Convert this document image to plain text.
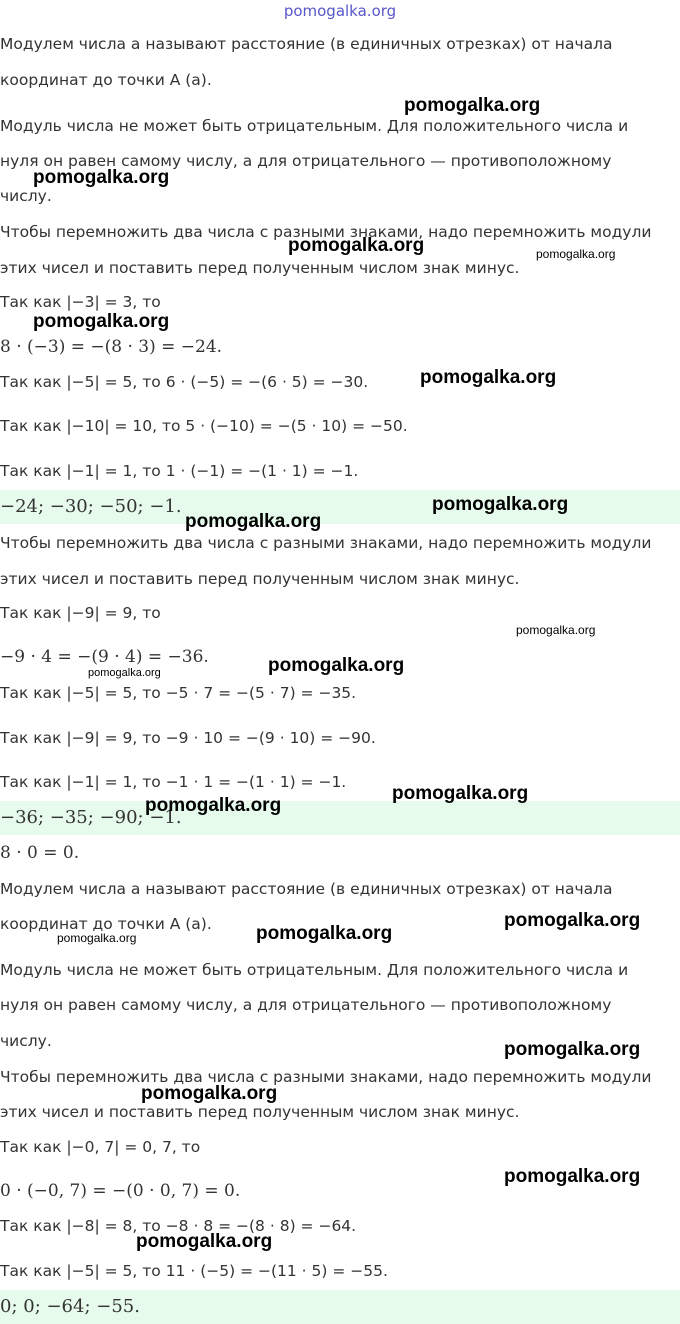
pomogalka.org
Модулем числа a называют расстояние (в единичных отрезках) от начала
координат до точки A (a).
Модуль числа не может быть отрицательным. Для положительного числа и
нуля он равен самому числу, а для отрицательного — противоположному
числу.
Чтобы перемножить два числа с разными знаками, надо перемножить модули
этих чисел и поставить перед полученным числом знак минус.
Так как |−3| = 3, то
8 · (−3) = −(8 · 3) = −24.
Так как |−5| = 5, то 6 · (−5) = −(6 · 5) = −30.
Так как |−10| = 10, то 5 · (−10) = −(5 · 10) = −50.
Так как |−1| = 1, то 1 · (−1) = −(1 · 1) = −1.
−24; −30; −50; −1.
Чтобы перемножить два числа с разными знаками, надо перемножить модули
этих чисел и поставить перед полученным числом знак минус.
Так как |−9| = 9, то
−9 · 4 = −(9 · 4) = −36.
Так как |−5| = 5, то −5 · 7 = −(5 · 7) = −35.
Так как |−9| = 9, то −9 · 10 = −(9 · 10) = −90.
Так как |−1| = 1, то −1 · 1 = −(1 · 1) = −1.
−36; −35; −90; −1.
8 · 0 = 0.
Модулем числа a называют расстояние (в единичных отрезках) от начала
координат до точки A (a).
Модуль числа не может быть отрицательным. Для положительного числа и
нуля он равен самому числу, а для отрицательного — противоположному
числу.
Чтобы перемножить два числа с разными знаками, надо перемножить модули
этих чисел и поставить перед полученным числом знак минус.
Так как |−0, 7| = 0, 7, то
0 · (−0, 7) = −(0 · 0, 7) = 0.
Так как |−8| = 8, то −8 · 8 = −(8 · 8) = −64.
Так как |−5| = 5, то 11 · (−5) = −(11 · 5) = −55.
0; 0; −64; −55.
pomogalka.org
pomogalka.org
pomogalka.org	pomogalka.org
pomogalka.org
pomogalka.org
pomogalka.org
pomogalka.org
pomogalka.org
pomogalka.org
pomogalka.org
pomogalka.org
pomogalka.org
pomogalka.org
pomogalka.org
pomogalka.org
pomogalka.org
pomogalka.org
pomogalka.org
pomogalka.org
